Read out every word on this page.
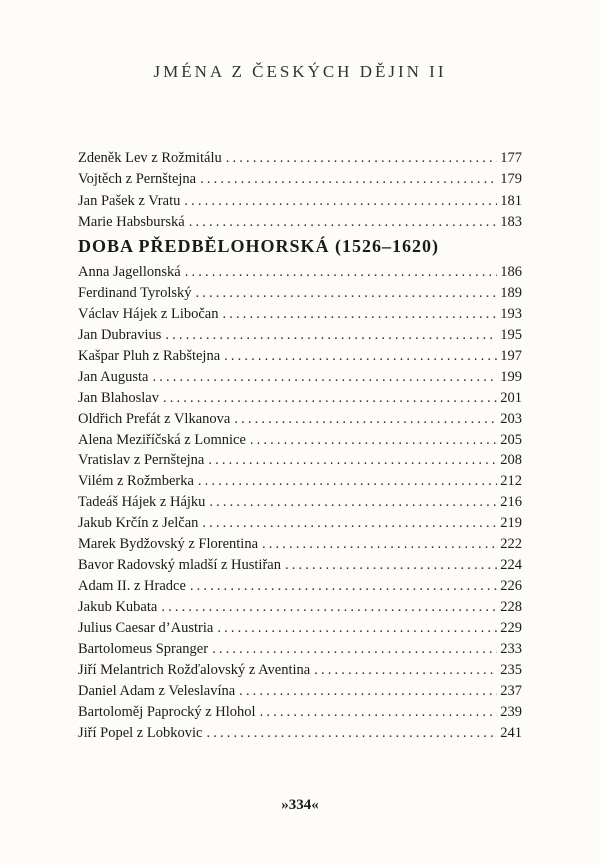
JMÉNA Z ČESKÝCH DĚJIN II
Zdeněk Lev z Rožmitálu . . .	177
Vojtěch z Pernštejna . . .	179
Jan Pašek z Vratu . . .	181
Marie Habsburská . . .	183
DOBA PŘEDBĚLOHORSKÁ (1526–1620)
Anna Jagellonská . . .	186
Ferdinand Tyrolský . . .	189
Václav Hájek z Libočan . . .	193
Jan Dubravius . . .	195
Kašpar Pluh z Rabštejna . . .	197
Jan Augusta . . .	199
Jan Blahoslav . . .	201
Oldřich Prefát z Vlkanova . . .	203
Alena Meziříčská z Lomnice . . .	205
Vratislav z Pernštejna . . .	208
Vilém z Rožmberka . . .	212
Tadeáš Hájek z Hájku . . .	216
Jakub Krčín z Jelčan . . .	219
Marek Bydžovský z Florentina . . .	222
Bavor Radovský mladší z Hustiřan . . .	224
Adam II. z Hradce . . .	226
Jakub Kubata . . .	228
Julius Caesar d’Austria . . .	229
Bartolomeus Spranger . . .	233
Jiří Melantrich Rožďalovský z Aventina . . .	235
Daniel Adam z Veleslavína . . .	237
Bartoloměj Paprocký z Hlohol . . .	239
Jiří Popel z Lobkovic . . .	241
»334«
